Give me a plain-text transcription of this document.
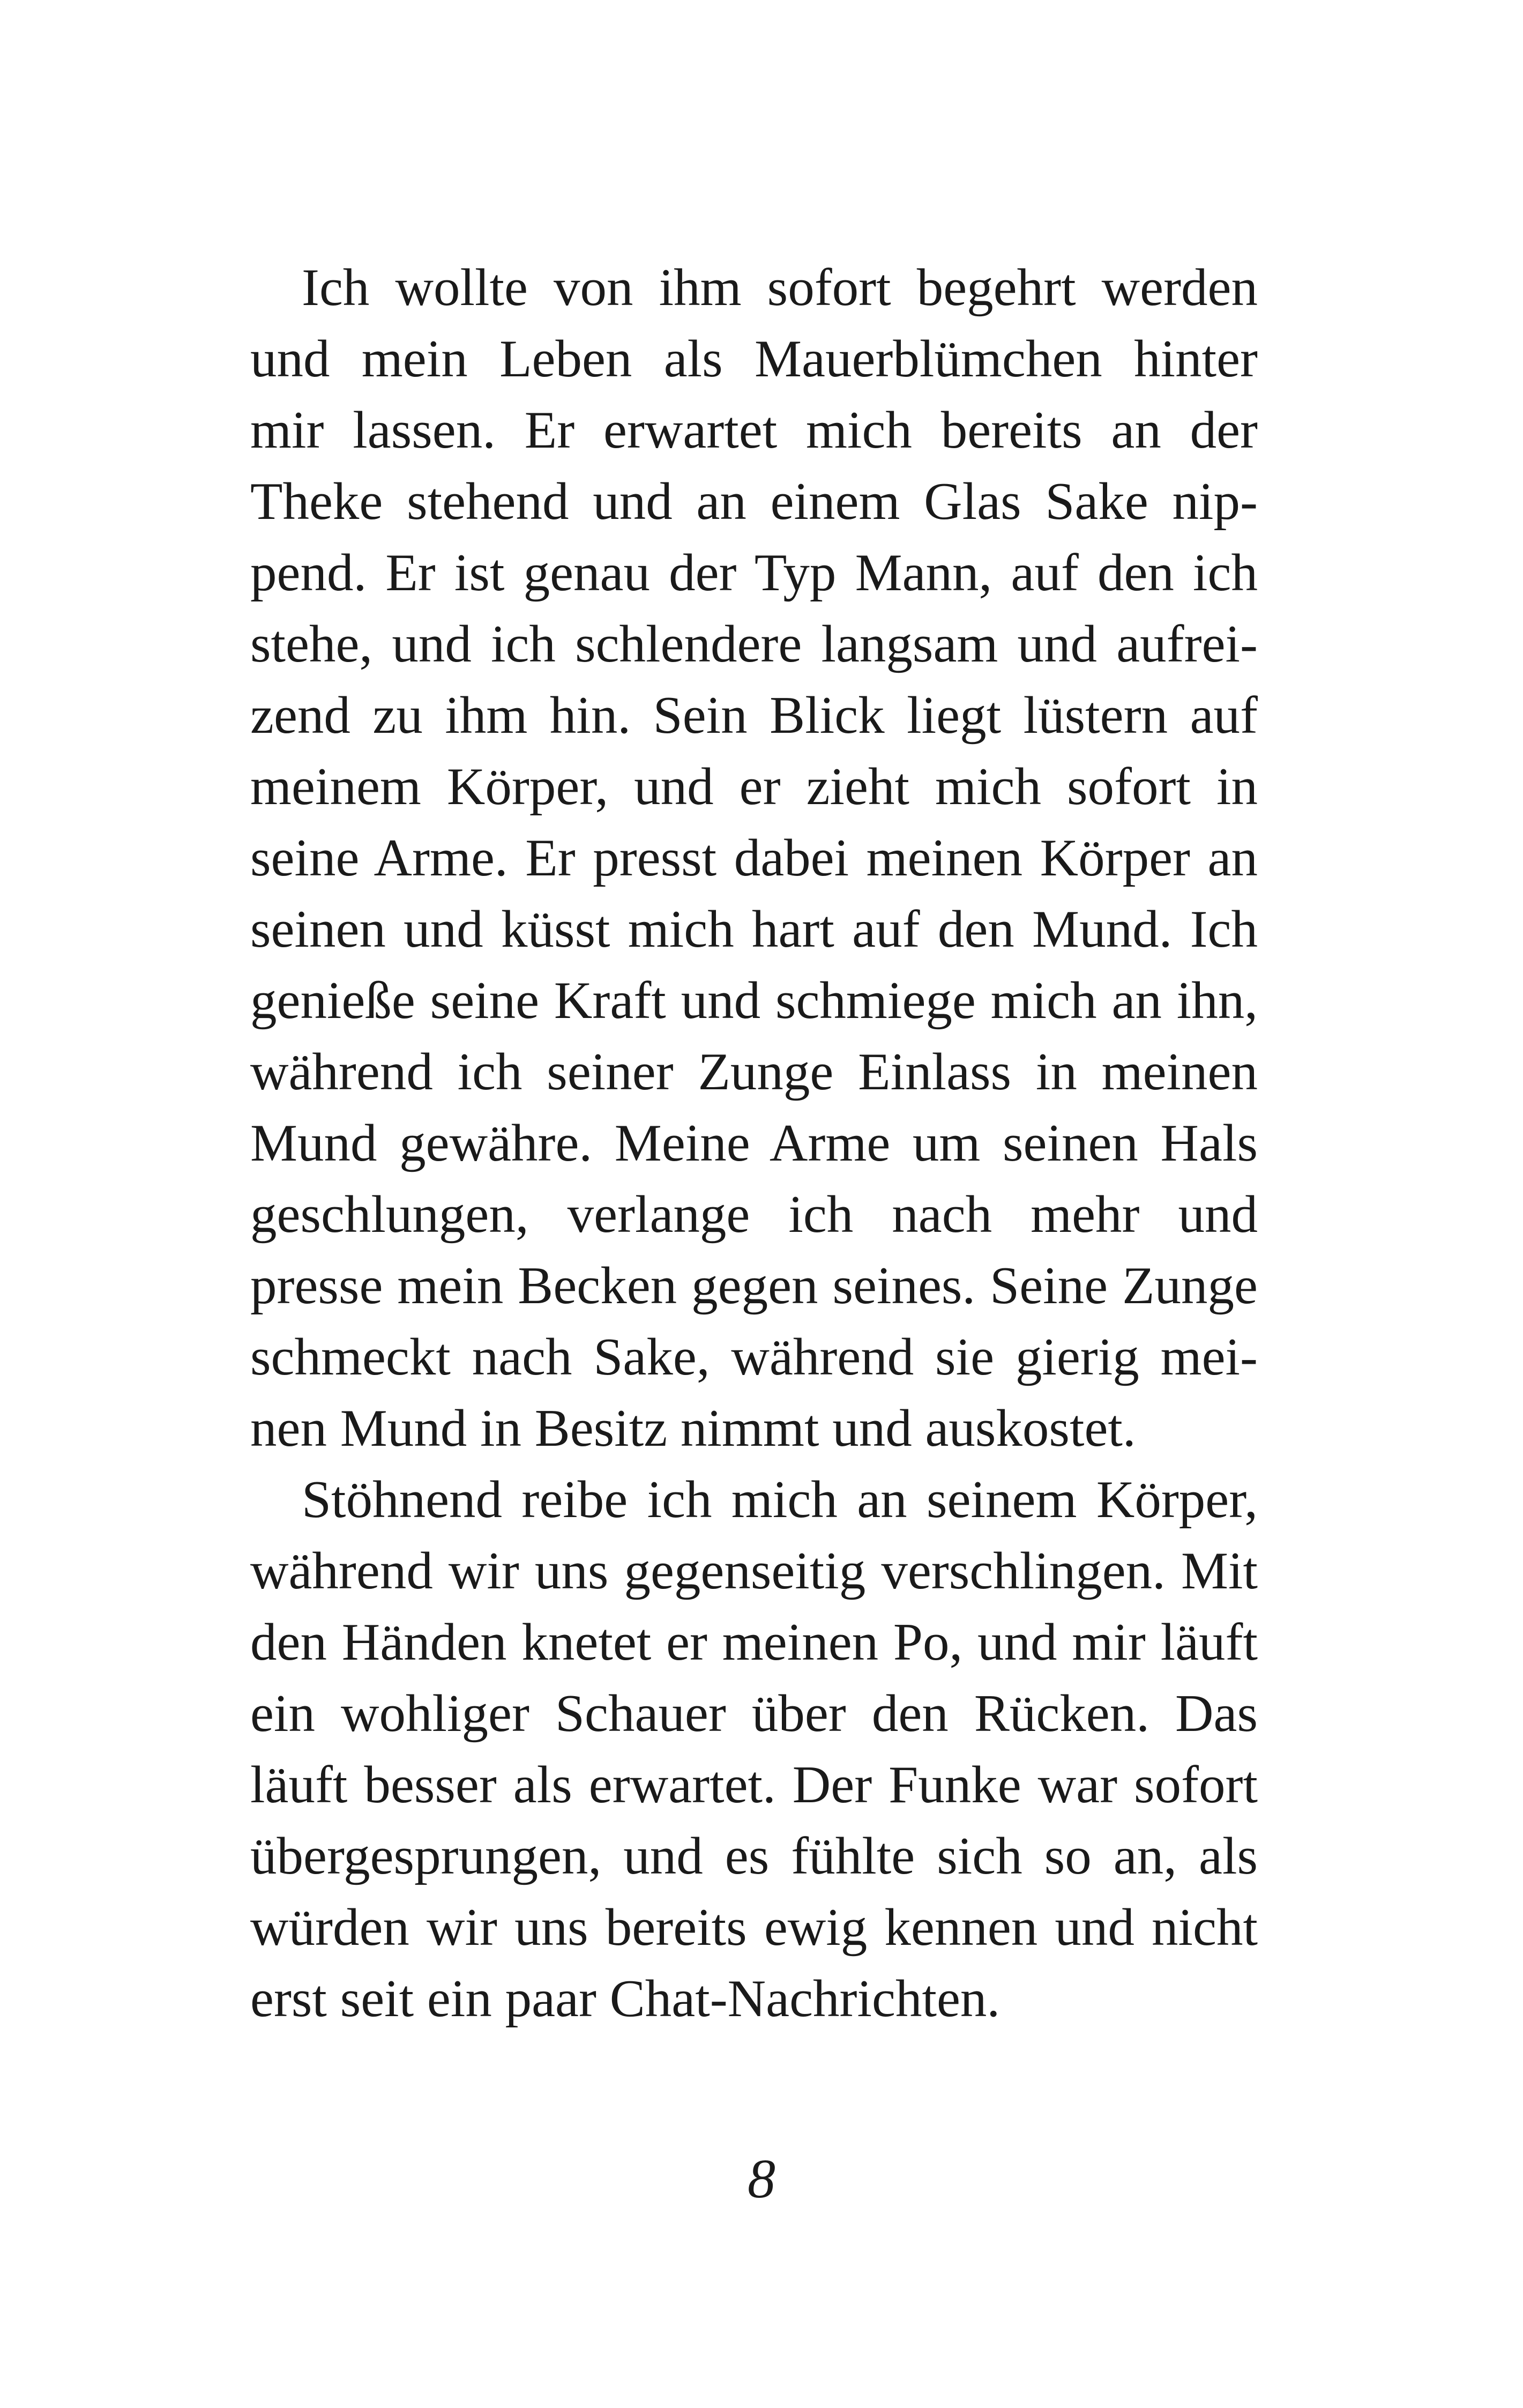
Ich wollte von ihm sofort begehrt werden
und mein Leben als Mauerblümchen hinter
mir lassen. Er erwartet mich bereits an der
Theke stehend und an einem Glas Sake nip-
pend. Er ist genau der Typ Mann, auf den ich
stehe, und ich schlendere langsam und aufrei-
zend zu ihm hin. Sein Blick liegt lüstern auf
meinem Körper, und er zieht mich sofort in
seine Arme. Er presst dabei meinen Körper an
seinen und küsst mich hart auf den Mund. Ich
genieße seine Kraft und schmiege mich an ihn,
während ich seiner Zunge Einlass in meinen
Mund gewähre. Meine Arme um seinen Hals
geschlungen, verlange ich nach mehr und
presse mein Becken gegen seines. Seine Zunge
schmeckt nach Sake, während sie gierig mei-
nen Mund in Besitz nimmt und auskostet.
Stöhnend reibe ich mich an seinem Körper,
während wir uns gegenseitig verschlingen. Mit
den Händen knetet er meinen Po, und mir läuft
ein wohliger Schauer über den Rücken. Das
läuft besser als erwartet. Der Funke war sofort
übergesprungen, und es fühlte sich so an, als
würden wir uns bereits ewig kennen und nicht
erst seit ein paar Chat-Nachrichten.
8
